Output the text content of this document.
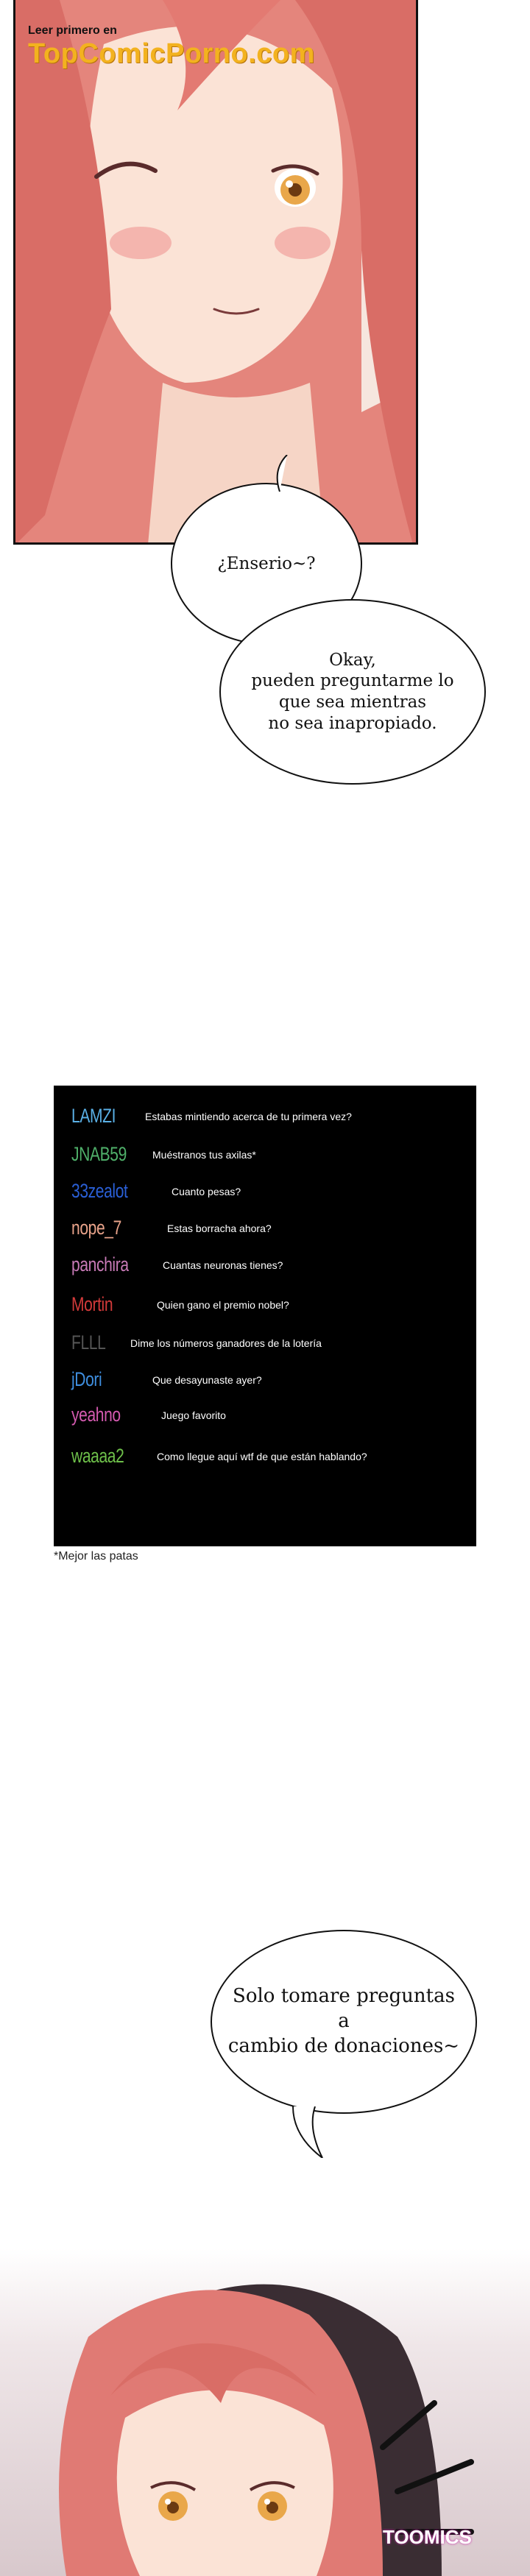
Leer primero en
TopComicPorno.com
¿Enserio~?
Okay,
pueden preguntarme lo
que sea mientras
no sea inapropiado.
LAMZI	Estabas mintiendo acerca de tu primera vez?
JNAB59	Muéstranos tus axilas*
33zealot	Cuanto pesas?
nope_7	Estas borracha ahora?
panchira	Cuantas neuronas tienes?
Mortin	Quien gano el premio nobel?
FLLL Dime los números ganadores de la lotería
jDori	Que desayunaste ayer?
yeahno	Juego favorito
waaaa2	Como llegue aquí wtf de que están hablando?
*Mejor las patas
Solo tomare preguntas
a
cambio de donaciones~
TOOMICS
